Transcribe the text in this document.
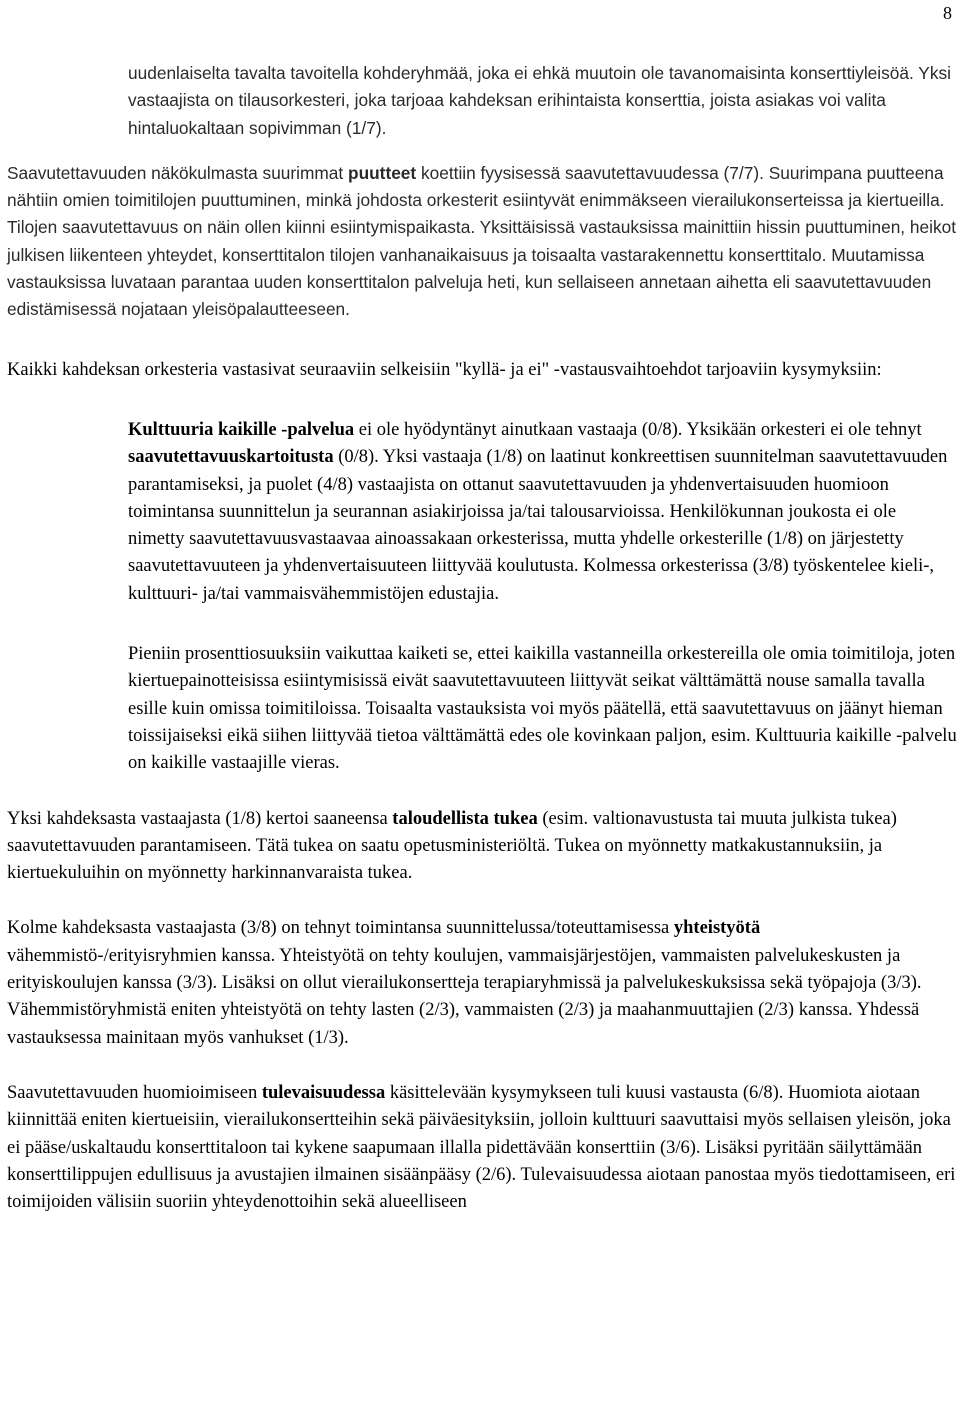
8

uudenlaiselta tavalta tavoitella kohderyhmää, joka ei ehkä muutoin ole tavanomaisinta konserttiyleisöä. Yksi vastaajista on tilausorkesteri, joka tarjoaa kahdeksan erihintaista konserttia, joista asiakas voi valita hintaluokaltaan sopivimman (1/7).

Saavutettavuuden näkökulmasta suurimmat puutteet koettiin fyysisessä saavutettavuudessa (7/7). Suurimpana puutteena nähtiin omien toimitilojen puuttuminen, minkä johdosta orkesterit esiintyvät enimmäkseen vierailukonserteissa ja kiertueilla. Tilojen saavutettavuus on näin ollen kiinni esiintymispaikasta. Yksittäisissä vastauksissa mainittiin hissin puuttuminen, heikot julkisen liikenteen yhteydet, konserttitalon tilojen vanhanaikaisuus ja toisaalta vastarakennettu konserttitalo. Muutamissa vastauksissa luvataan parantaa uuden konserttitalon palveluja heti, kun sellaiseen annetaan aihetta eli saavutettavuuden edistämisessä nojataan yleisöpalautteeseen.

Kaikki kahdeksan orkesteria vastasivat seuraaviin selkeisiin "kyllä- ja ei" -vastausvaihtoehdot tarjoaviin kysymyksiin:

Kulttuuria kaikille -palvelua ei ole hyödyntänyt ainutkaan vastaaja (0/8). Yksikään orkesteri ei ole tehnyt saavutettavuuskartoitusta (0/8). Yksi vastaaja (1/8) on laatinut konkreettisen suunnitelman saavutettavuuden parantamiseksi, ja puolet (4/8) vastaajista on ottanut saavutettavuuden ja yhdenvertaisuuden huomioon toimintansa suunnittelun ja seurannan asiakirjoissa ja/tai talousarvioissa. Henkilökunnan joukosta ei ole nimetty saavutettavuusvastaavaa ainoassakaan orkesterissa, mutta yhdelle orkesterille (1/8) on järjestetty saavutettavuuteen ja yhdenvertaisuuteen liittyvää koulutusta. Kolmessa orkesterissa (3/8) työskentelee kieli-, kulttuuri- ja/tai vammaisvähemmistöjen edustajia.

Pieniin prosenttiosuuksiin vaikuttaa kaiketi se, ettei kaikilla vastanneilla orkestereilla ole omia toimitiloja, joten kiertuepainotteisissa esiintymisissä eivät saavutettavuuteen liittyvät seikat välttämättä nouse samalla tavalla esille kuin omissa toimitiloissa. Toisaalta vastauksista voi myös päätellä, että saavutettavuus on jäänyt hieman toissijaiseksi eikä siihen liittyvää tietoa välttämättä edes ole kovinkaan paljon, esim. Kulttuuria kaikille -palvelu on kaikille vastaajille vieras.

Yksi kahdeksasta vastaajasta (1/8) kertoi saaneensa taloudellista tukea (esim. valtionavustusta tai muuta julkista tukea) saavutettavuuden parantamiseen. Tätä tukea on saatu opetusministeriöltä. Tukea on myönnetty matkakustannuksiin, ja kiertuekuluihin on myönnetty harkinnanvaraista tukea.

Kolme kahdeksasta vastaajasta (3/8) on tehnyt toimintansa suunnittelussa/toteuttamisessa yhteistyötä vähemmistö-/erityisryhmien kanssa. Yhteistyötä on tehty koulujen, vammaisjärjestöjen, vammaisten palvelukeskusten ja erityiskoulujen kanssa (3/3). Lisäksi on ollut vierailukonsertteja terapiaryhmissä ja palvelukeskuksissa sekä työpajoja (3/3). Vähemmistöryhmistä eniten yhteistyötä on tehty lasten (2/3), vammaisten (2/3) ja maahanmuuttajien (2/3) kanssa. Yhdessä vastauksessa mainitaan myös vanhukset (1/3).

Saavutettavuuden huomioimiseen tulevaisuudessa käsittelevään kysymykseen tuli kuusi vastausta (6/8). Huomiota aiotaan kiinnittää eniten kiertueisiin, vierailukonsertteihin sekä päiväesityksiin, jolloin kulttuuri saavuttaisi myös sellaisen yleisön, joka ei pääse/uskaltaudu konserttitaloon tai kykene saapumaan illalla pidettävään konserttiin (3/6). Lisäksi pyritään säilyttämään konserttilippujen edullisuus ja avustajien ilmainen sisäänpääsy (2/6). Tulevaisuudessa aiotaan panostaa myös tiedottamiseen, eri toimijoiden välisiin suoriin yhteydenottoihin sekä alueelliseen
